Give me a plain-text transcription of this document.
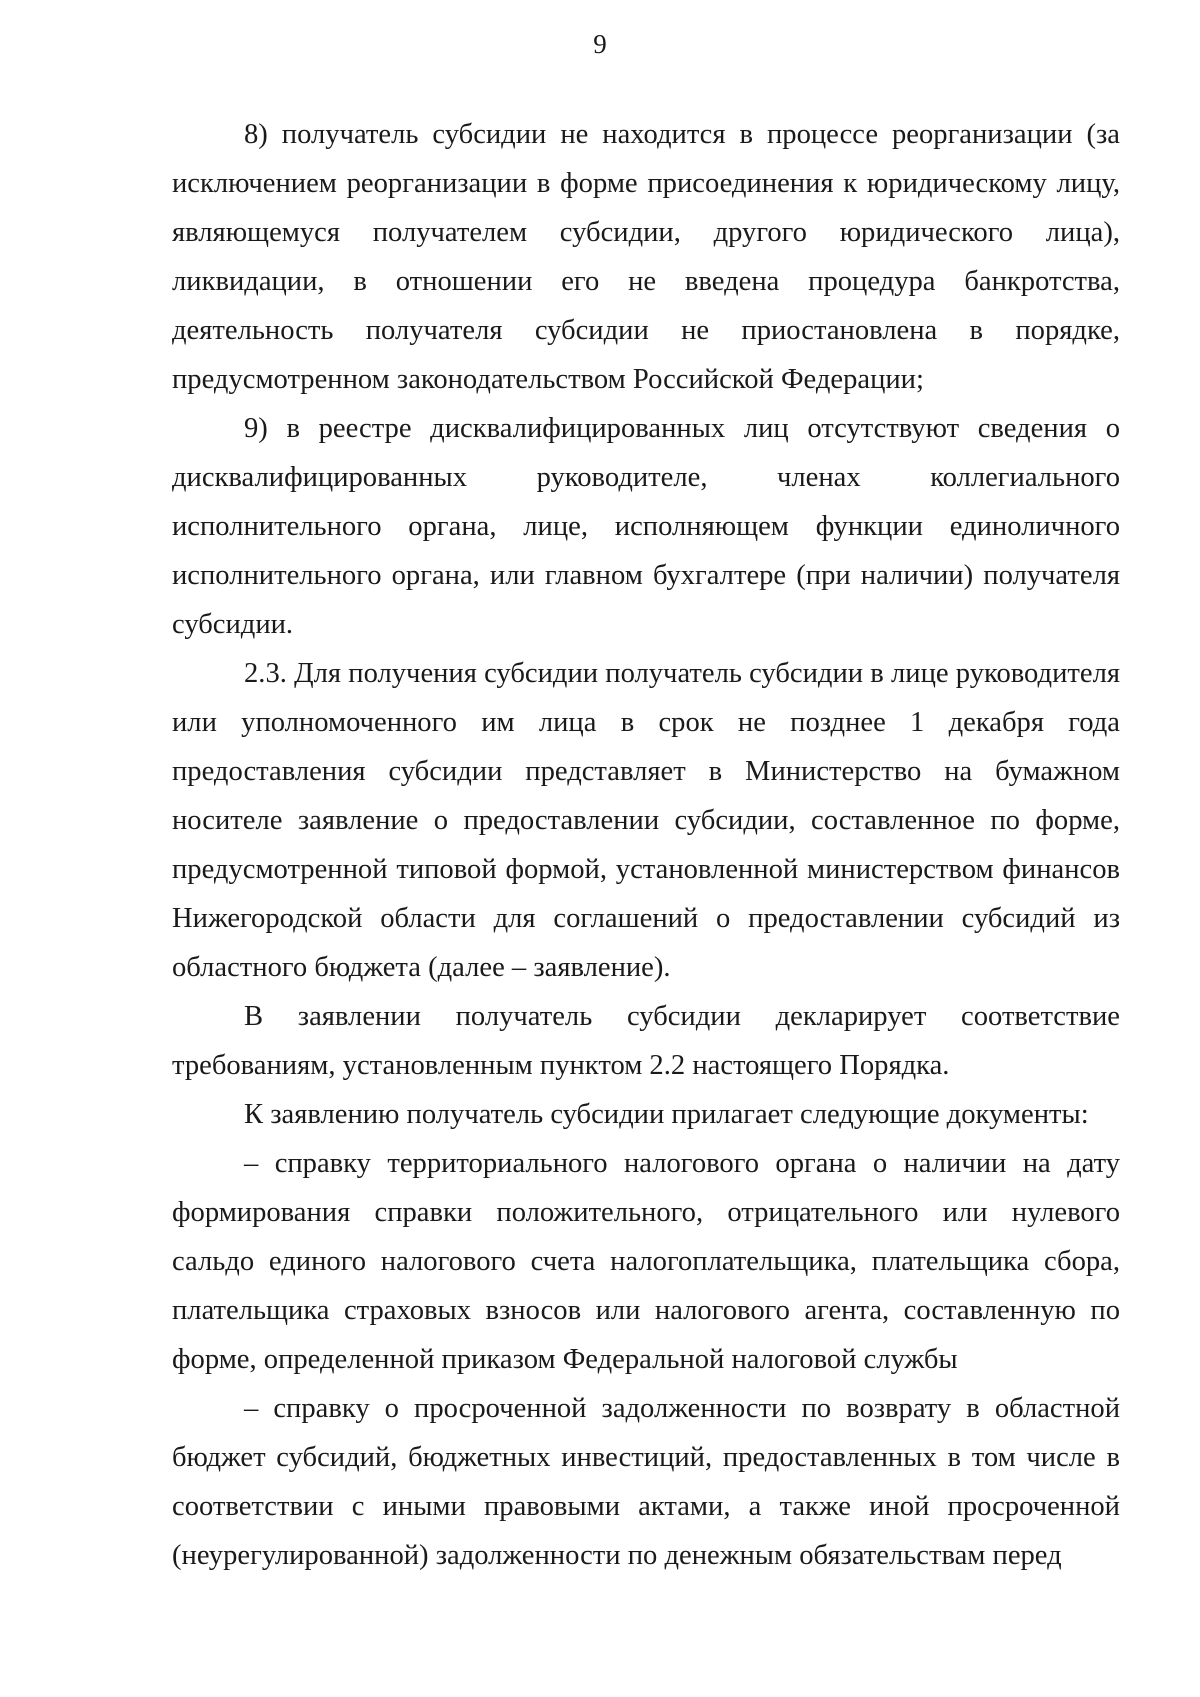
9

8) получатель субсидии не находится в процессе реорганизации (за исключением реорганизации в форме присоединения к юридическому лицу, являющемуся получателем субсидии, другого юридического лица), ликвидации, в отношении его не введена процедура банкротства, деятельность получателя субсидии не приостановлена в порядке, предусмотренном законодательством Российской Федерации;

9) в реестре дисквалифицированных лиц отсутствуют сведения о дисквалифицированных руководителе, членах коллегиального исполнительного органа, лице, исполняющем функции единоличного исполнительного органа, или главном бухгалтере (при наличии) получателя субсидии.

2.3. Для получения субсидии получатель субсидии в лице руководителя или уполномоченного им лица в срок не позднее 1 декабря года предоставления субсидии представляет в Министерство на бумажном носителе заявление о предоставлении субсидии, составленное по форме, предусмотренной типовой формой, установленной министерством финансов Нижегородской области для соглашений о предоставлении субсидий из областного бюджета (далее – заявление).

В заявлении получатель субсидии декларирует соответствие требованиям, установленным пунктом 2.2 настоящего Порядка.

К заявлению получатель субсидии прилагает следующие документы:

– справку территориального налогового органа о наличии на дату формирования справки положительного, отрицательного или нулевого сальдо единого налогового счета налогоплательщика, плательщика сбора, плательщика страховых взносов или налогового агента, составленную по форме, определенной приказом Федеральной налоговой службы

– справку о просроченной задолженности по возврату в областной бюджет субсидий, бюджетных инвестиций, предоставленных в том числе в соответствии с иными правовыми актами, а также иной просроченной (неурегулированной) задолженности по денежным обязательствам перед
